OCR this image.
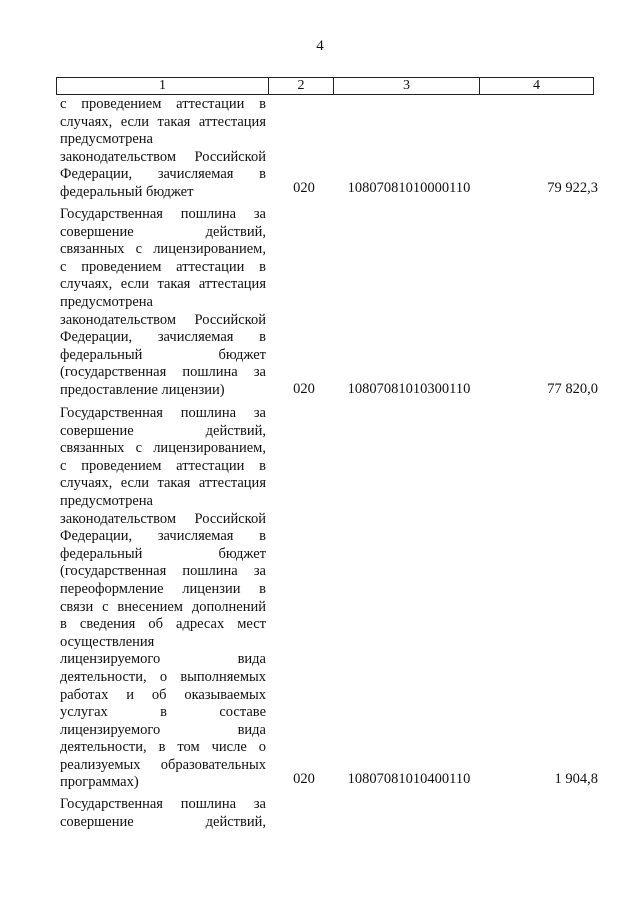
4
1	2	3	4
с проведением аттестации в
случаях, если такая аттестация
предусмотрена
законодательством Российской
Федерации, зачисляемая в
федеральный бюджет	020	10807081010000110	79 922,3
Государственная пошлина за
совершение действий,
связанных с лицензированием,
с проведением аттестации в
случаях, если такая аттестация
предусмотрена
законодательством Российской
Федерации, зачисляемая в
федеральный бюджет
(государственная пошлина за
предоставление лицензии)	020	10807081010300110	77 820,0
Государственная пошлина за
совершение действий,
связанных с лицензированием,
с проведением аттестации в
случаях, если такая аттестация
предусмотрена
законодательством Российской
Федерации, зачисляемая в
федеральный бюджет
(государственная пошлина за
переоформление лицензии в
связи с внесением дополнений
в сведения об адресах мест
осуществления
лицензируемого вида
деятельности, о выполняемых
работах и об оказываемых
услугах в составе
лицензируемого вида
деятельности, в том числе о
реализуемых образовательных
программах)	020	10807081010400110	1 904,8
Государственная пошлина за
совершение действий,
